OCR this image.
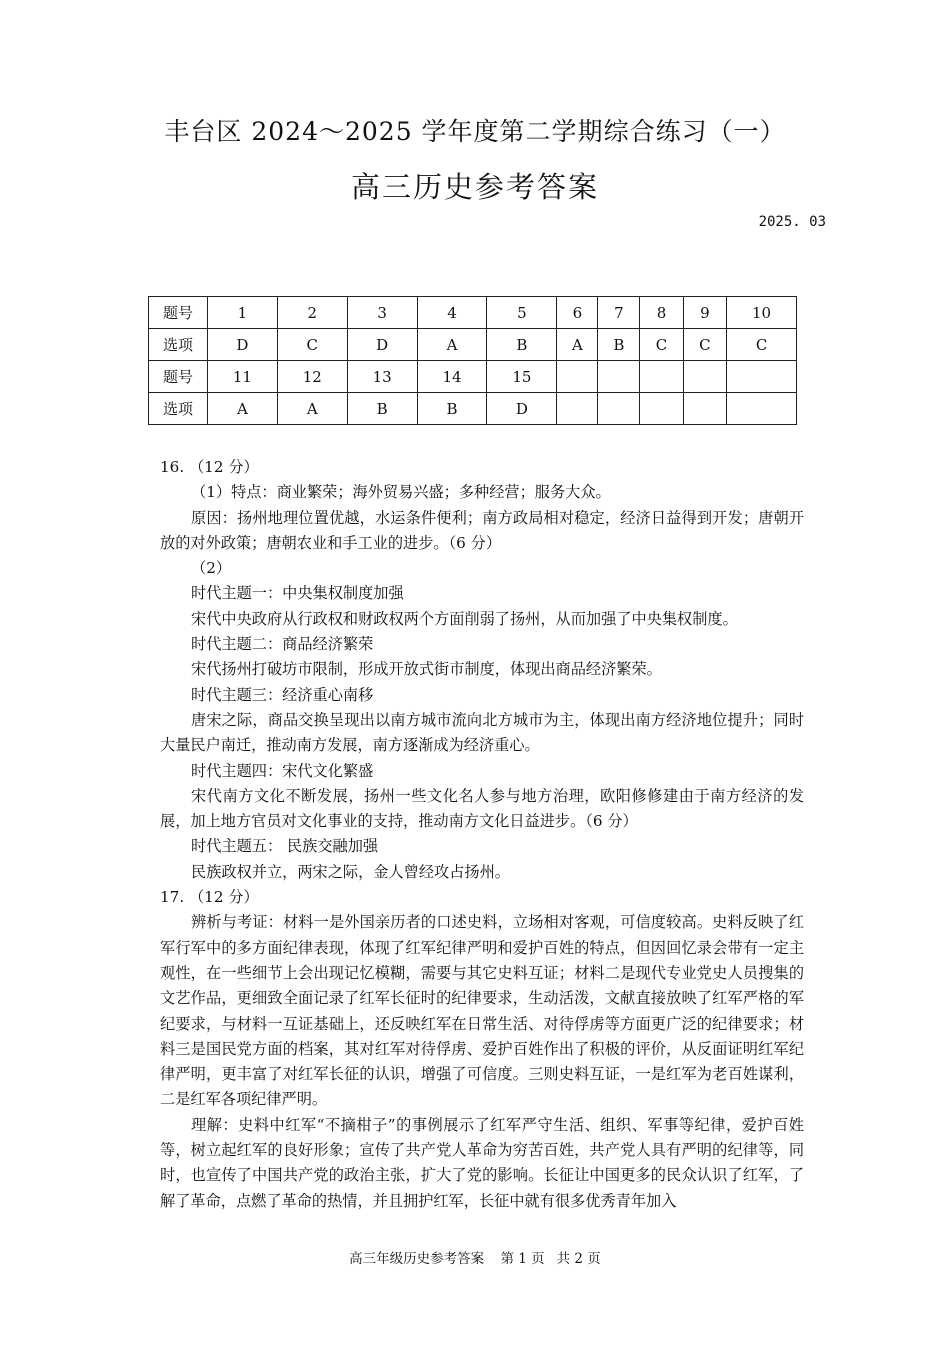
丰台区 2024～2025 学年度第二学期综合练习（一）
高三历史参考答案
2025. 03
题号	1	2	3	4	5	6	7	8	9	10
选项	D	C	D	A	B	A	B	C	C	C
题号	11	12	13	14	15					
选项	A	A	B	B	D					

16. （12 分）

（1）特点：商业繁荣；海外贸易兴盛；多种经营；服务大众。

原因：扬州地理位置优越，水运条件便利；南方政局相对稳定，经济日益得到开发；唐朝开放的对外政策；唐朝农业和手工业的进步。（6 分）

（2）

时代主题一：中央集权制度加强

宋代中央政府从行政权和财政权两个方面削弱了扬州，从而加强了中央集权制度。

时代主题二：商品经济繁荣

宋代扬州打破坊市限制，形成开放式街市制度，体现出商品经济繁荣。

时代主题三：经济重心南移

唐宋之际，商品交换呈现出以南方城市流向北方城市为主，体现出南方经济地位提升；同时大量民户南迁，推动南方发展，南方逐渐成为经济重心。

时代主题四：宋代文化繁盛

宋代南方文化不断发展，扬州一些文化名人参与地方治理，欧阳修修建由于南方经济的发展，加上地方官员对文化事业的支持，推动南方文化日益进步。（6 分）

时代主题五： 民族交融加强

民族政权并立，两宋之际，金人曾经攻占扬州。

17. （12 分）

辨析与考证：材料一是外国亲历者的口述史料，立场相对客观，可信度较高。史料反映了红军行军中的多方面纪律表现，体现了红军纪律严明和爱护百姓的特点，但因回忆录会带有一定主观性，在一些细节上会出现记忆模糊，需要与其它史料互证；材料二是现代专业党史人员搜集的文艺作品，更细致全面记录了红军长征时的纪律要求，生动活泼，文献直接放映了红军严格的军纪要求，与材料一互证基础上，还反映红军在日常生活、对待俘虏等方面更广泛的纪律要求；材料三是国民党方面的档案，其对红军对待俘虏、爱护百姓作出了积极的评价，从反面证明红军纪律严明，更丰富了对红军长征的认识，增强了可信度。三则史料互证，一是红军为老百姓谋利，二是红军各项纪律严明。

理解：史料中红军“不摘柑子”的事例展示了红军严守生活、组织、军事等纪律，爱护百姓等，树立起红军的良好形象；宣传了共产党人革命为穷苦百姓，共产党人具有严明的纪律等，同时，也宣传了中国共产党的政治主张，扩大了党的影响。长征让中国更多的民众认识了红军，了解了革命，点燃了革命的热情，并且拥护红军，长征中就有很多优秀青年加入

高三年级历史参考答案 第 1 页 共 2 页
